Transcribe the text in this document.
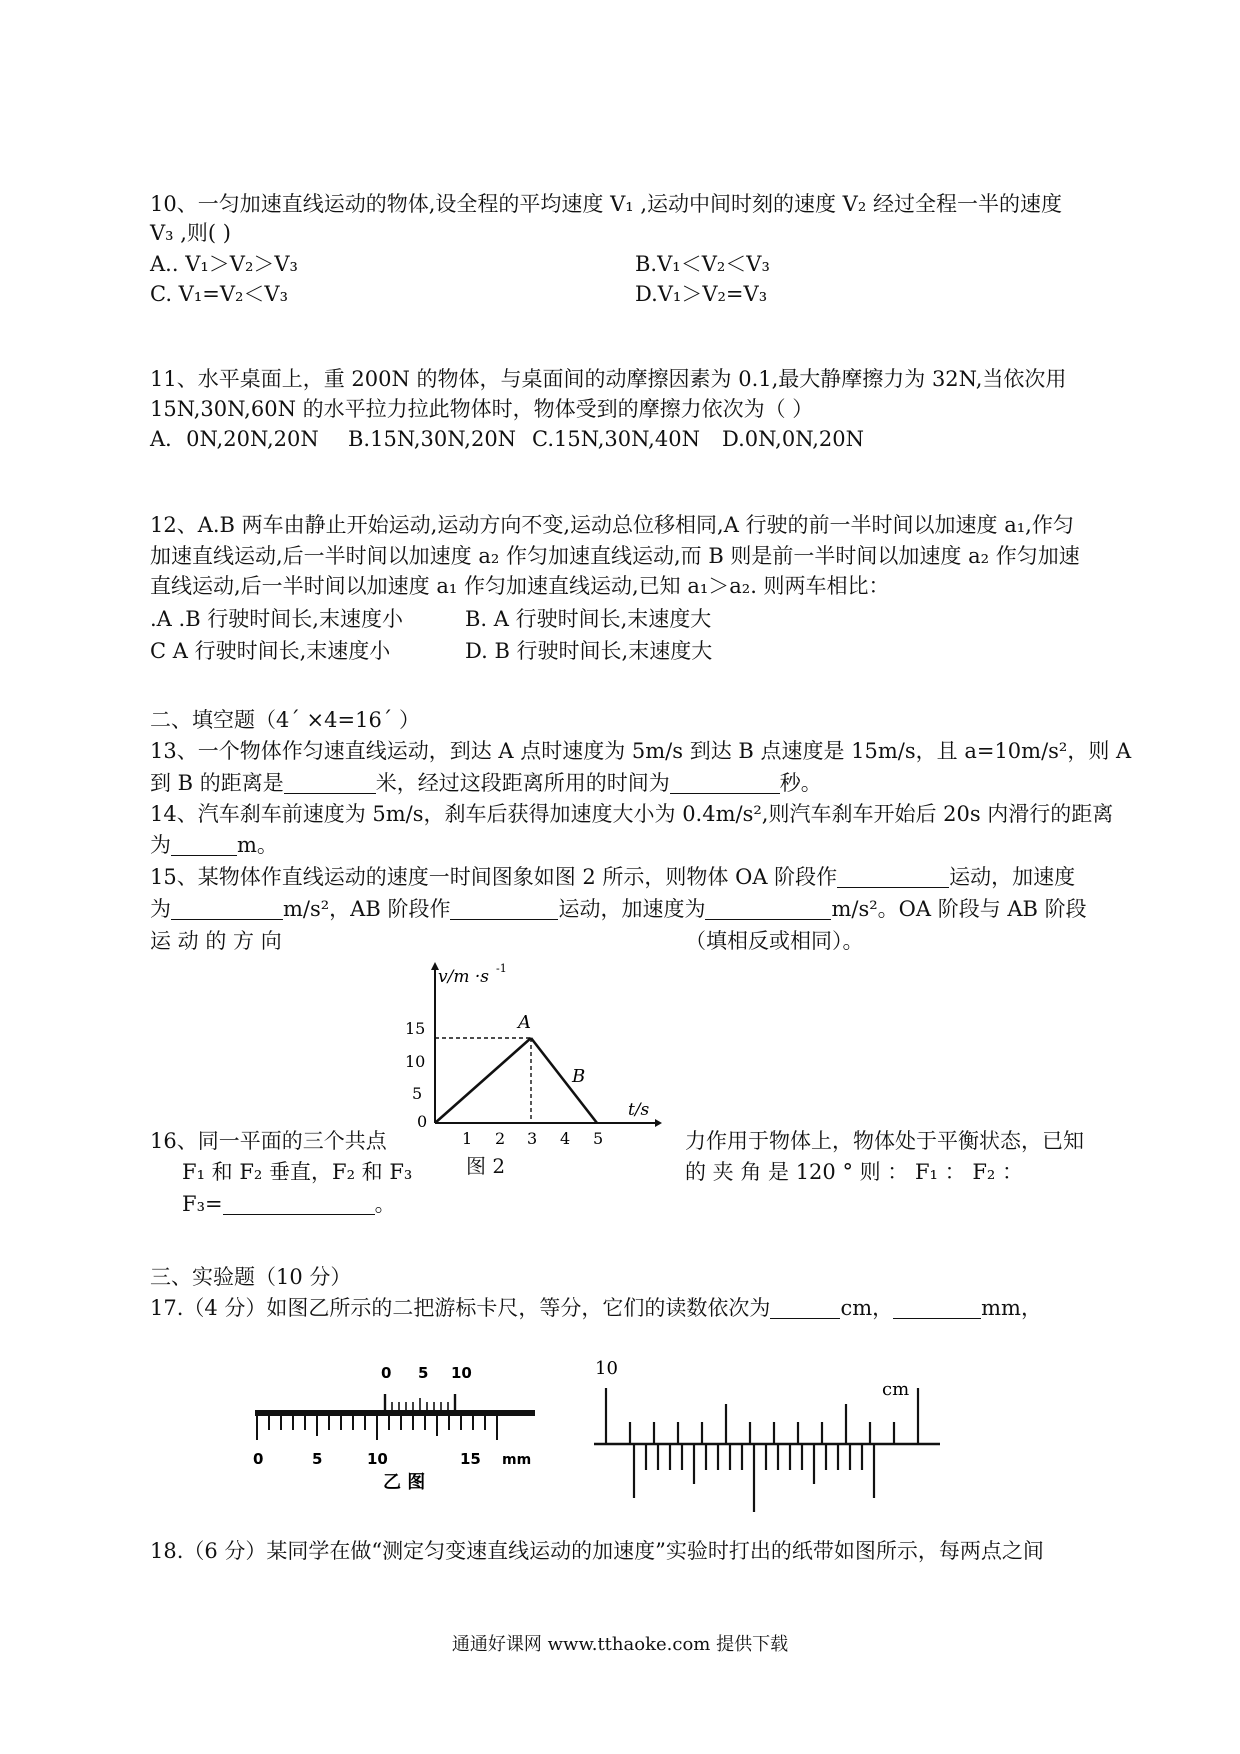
10、一匀加速直线运动的物体,设全程的平均速度 V₁ ,运动中间时刻的速度 V₂ 经过全程一半的速度
V₃ ,则( )
A.. V₁＞V₂＞V₃	B.V₁＜V₂＜V₃
C. V₁=V₂＜V₃	D.V₁＞V₂=V₃
11、水平桌面上，重 200N 的物体，与桌面间的动摩擦因素为 0.1,最大静摩擦力为 32N,当依次用
15N,30N,60N 的水平拉力拉此物体时，物体受到的摩擦力依次为（ ）
A．0N,20N,20N	B.15N,30N,20N C.15N,30N,40N	D.0N,0N,20N
12、A.B 两车由静止开始运动,运动方向不变,运动总位移相同,A 行驶的前一半时间以加速度 a₁,作匀
加速直线运动,后一半时间以加速度 a₂ 作匀加速直线运动,而 B 则是前一半时间以加速度 a₂ 作匀加速
直线运动,后一半时间以加速度 a₁ 作匀加速直线运动,已知 a₁＞a₂. 则两车相比：
.A .B 行驶时间长,末速度小	B. A 行驶时间长,末速度大
C A 行驶时间长,末速度小	D. B 行驶时间长,末速度大
二、填空题（4´ ×4=16´ ）
13、一个物体作匀速直线运动，到达 A 点时速度为 5m/s 到达 B 点速度是 15m/s，且 a=10m/s²，则 A
到 B 的距离是	米，经过这段距离所用的时间为	秒。
14、汽车刹车前速度为 5m/s，刹车后获得加速度大小为 0.4m/s²,则汽车刹车开始后 20s 内滑行的距离
为	m。
15、某物体作直线运动的速度一时间图象如图 2 所示，则物体 OA 阶段作	运动，加速度
为	m/s²，AB 阶段作	运动，加速度为	m/s²。OA 阶段与 AB 阶段
运 动 的 方 向	（填相反或相同）。
5
10
15
0
1 2 3 4 5
v/m ·s -1
t/s
A
B
图 2
16、同一平面的三个共点	力作用于物体上，物体处于平衡状态，已知
F₁ 和 F₂ 垂直，F₂ 和 F₃	的 夹 角 是 120 ° 则 ： F₁ ： F₂ ：
F₃=	。
三、实验题（10 分）
17.（4 分）如图乙所示的二把游标卡尺，等分，它们的读数依次为	cm，	mm，
0 5 10
0	5	10	15 mm
乙 图
10
cm
18.（6 分）某同学在做“测定匀变速直线运动的加速度”实验时打出的纸带如图所示，每两点之间
通通好课网 www.tthaoke.com 提供下载
